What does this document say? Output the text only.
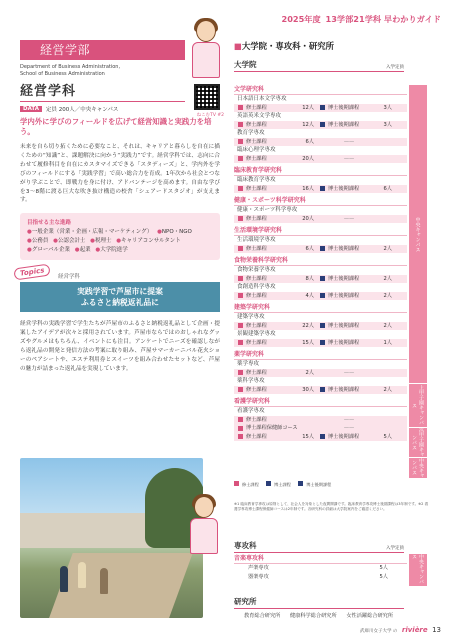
2025年度 13学部21学科 早わかりガイド
経営学部
Department of Business Administration,
School of Business Administration
経営学科
ねこむTV #2
DATA	定員 200人／中央キャンパス
学内外に学びのフィールドを広げて経営知識と実践力を培う。
未来を自ら切り拓くために必要なこと、それは、キャリアと暮らしを自在に描くための“知識”と、課題解決に向かう“実践力”です。経営学科では、志向に合わせて履修科目を自在にカスタマイズできる「スタディーズ」と、学内外を学びのフィールドにする「実践学習」で高い総合力を育成。1年次から社会とつながり学ぶことで、即戦力を身に付け、アドバンテージを高めます。自由な学びを3～8階に渡る巨大な吹き抜け構造の校舎「シェアードスタジオ」が支えます。
目指せる主な進路
●一般企業（営業・企画・広報・マーケティング） ●NPO・NGO ●公務員 ●公認会計士 ●税理士 ●キャリアコンサルタント ●グローバル企業 ●起業 ●大学院進学
Topics	経営学科
実践学習で芦屋市に提案
ふるさと納税返礼品に
経営学科の実践学習で学生たちが芦屋市のふるさと納税返礼品として企画・提案したアイデアが次々と採用されています。芦屋市ならではのおしゃれなグッズやグルメはもちろん、イベントにも注目。アンケートでニーズを確認しながら返礼品の開発と発信方法の考案に取り組み、芦屋サマーカーニバル花火ショーのペアシートや、エステ利用券とスイーツを組み合わせたセットなど、芦屋の魅力が詰まった返礼品を実現しています。
■大学院・専攻科・研究所
大学院	入学定員
文学研究科
日本語日本文学専攻
修士課程	12人	博士後期課程	3人
英語英米文学専攻
修士課程	12人	博士後期課程	3人
教育学専攻
修士課程	6人	——
臨床心理学専攻
修士課程	20人	——
臨床教育学研究科
臨床教育学専攻
修士課程	16人	博士後期課程	6人
健康・スポーツ科学研究科
健康・スポーツ科学専攻
修士課程	20人	——
生活環境学研究科
生活環境学専攻
修士課程	6人	博士後期課程	2人
食物栄養科学研究科
食物栄養学専攻
修士課程	8人	博士後期課程	2人
食創造科学専攻
修士課程	4人	博士後期課程	2人
建築学研究科
建築学専攻
修士課程	22人	博士後期課程	2人
景観建築学専攻
修士課程	15人	博士後期課程	1人
薬学研究科
薬学専攻
修士課程	2人	——
薬科学専攻
修士課程	30人	博士後期課程	2人
看護学研究科
看護学専攻
修士課程	——
博士課程保健師コース	——
修士課程	15人	博士後期課程	5人
中央キャンパス
上甲子園キャンパス
浜甲子園キャンパス
中央キャンパス
修士課程	博士課程	博士後期課程
※1 臨床教育学専攻は原則として、社会人を対象とした夜間開講です。臨床教育学専攻博士後期課程は3年制です。※2 看護学専攻博士課程保健師コースは2年制です。各研究科の詳細は大学院案内をご確認ください。
専攻科	入学定員
音楽専攻科
声楽専攻	5人
器楽専攻	5人	中央キャンパス
研究所
教育総合研究所 健康科学総合研究所 女性活躍総合研究所
武庫川女子大学 の rivière 13
